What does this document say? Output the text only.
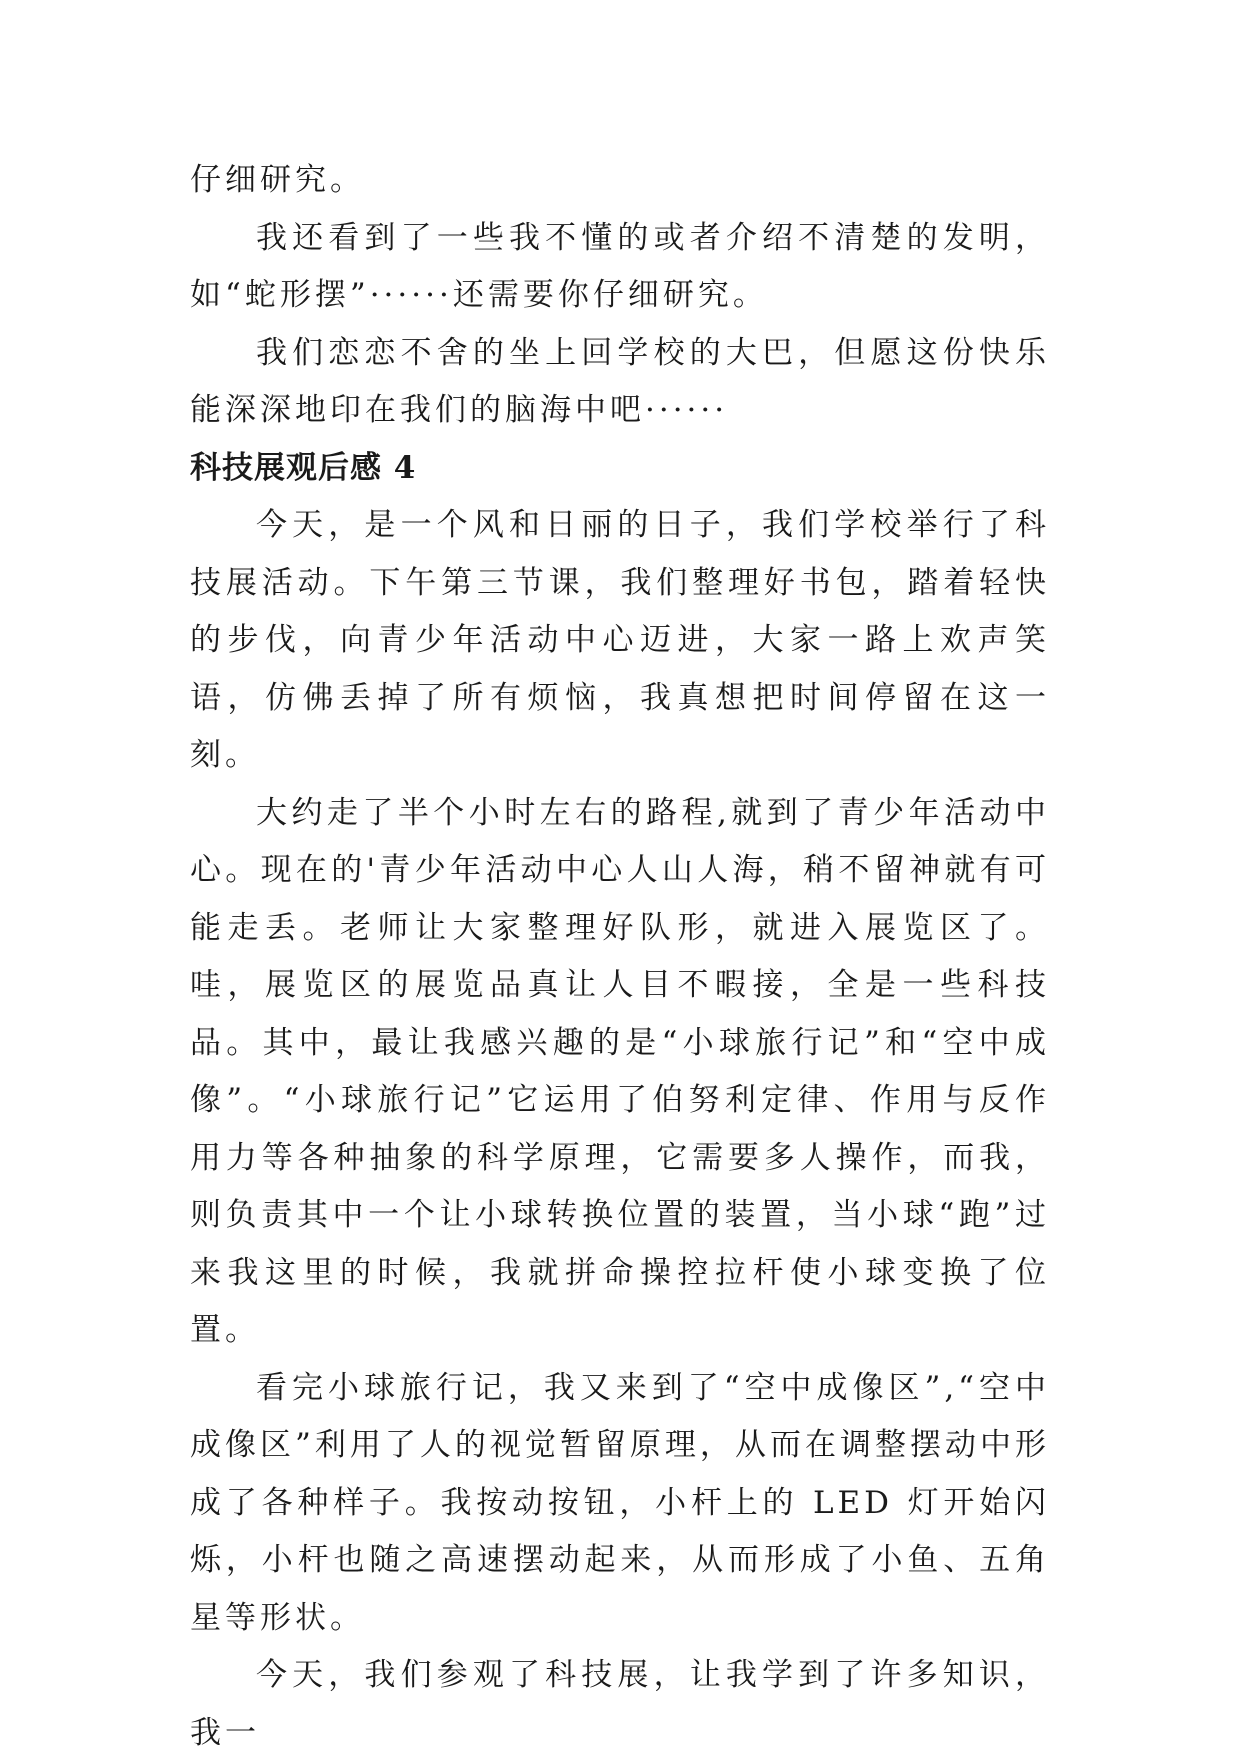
仔细研究。

我还看到了一些我不懂的或者介绍不清楚的发明，如“蛇形摆”······还需要你仔细研究。

我们恋恋不舍的坐上回学校的大巴，但愿这份快乐能深深地印在我们的脑海中吧······

科技展观后感 4

今天，是一个风和日丽的日子，我们学校举行了科技展活动。下午第三节课，我们整理好书包，踏着轻快的步伐，向青少年活动中心迈进，大家一路上欢声笑语，仿佛丢掉了所有烦恼，我真想把时间停留在这一刻。

大约走了半个小时左右的路程,就到了青少年活动中心。现在的'青少年活动中心人山人海，稍不留神就有可能走丢。老师让大家整理好队形，就进入展览区了。哇，展览区的展览品真让人目不暇接，全是一些科技品。其中，最让我感兴趣的是“小球旅行记”和“空中成像”。“小球旅行记”它运用了伯努利定律、作用与反作用力等各种抽象的科学原理，它需要多人操作，而我，则负责其中一个让小球转换位置的装置，当小球“跑”过来我这里的时候，我就拼命操控拉杆使小球变换了位置。

看完小球旅行记，我又来到了“空中成像区”,“空中成像区”利用了人的视觉暂留原理，从而在调整摆动中形成了各种样子。我按动按钮，小杆上的 LED 灯开始闪烁，小杆也随之高速摆动起来，从而形成了小鱼、五角星等形状。

今天，我们参观了科技展，让我学到了许多知识，我一
